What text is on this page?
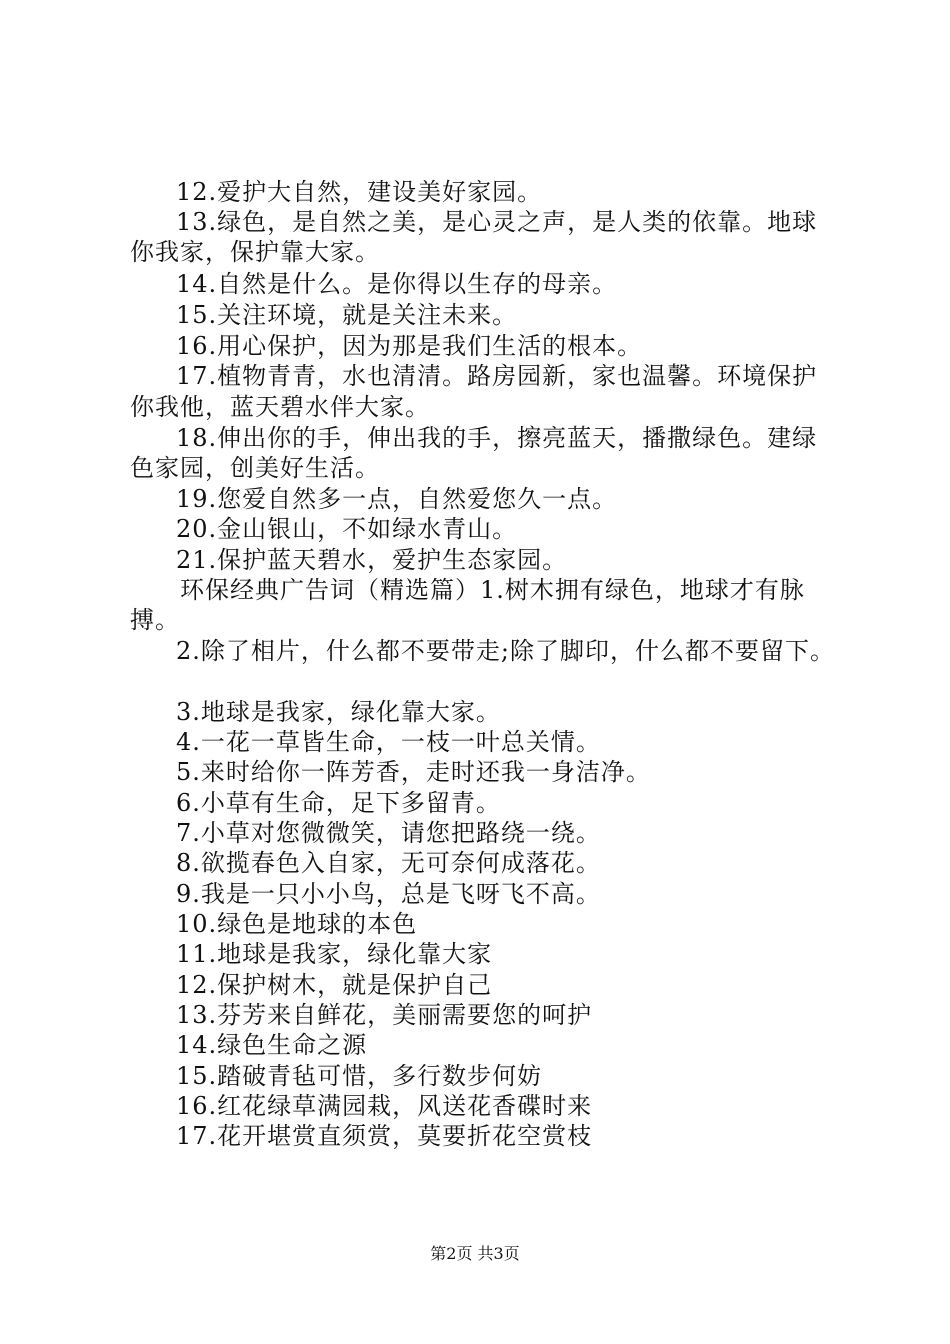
12.爱护大自然，建设美好家园。
13.绿色，是自然之美，是心灵之声，是人类的依靠。地球
你我家，保护靠大家。
14.自然是什么。是你得以生存的母亲。
15.关注环境，就是关注未来。
16.用心保护，因为那是我们生活的根本。
17.植物青青，水也清清。路房园新，家也温馨。环境保护
你我他，蓝天碧水伴大家。
18.伸出你的手，伸出我的手，擦亮蓝天，播撒绿色。建绿
色家园，创美好生活。
19.您爱自然多一点，自然爱您久一点。
20.金山银山，不如绿水青山。
21.保护蓝天碧水，爱护生态家园。
环保经典广告词（精选篇）1.树木拥有绿色，地球才有脉
搏。
2.除了相片，什么都不要带走;除了脚印，什么都不要留下。
3.地球是我家，绿化靠大家。
4.一花一草皆生命，一枝一叶总关情。
5.来时给你一阵芳香，走时还我一身洁净。
6.小草有生命，足下多留青。
7.小草对您微微笑，请您把路绕一绕。
8.欲揽春色入自家，无可奈何成落花。
9.我是一只小小鸟，总是飞呀飞不高。
10.绿色是地球的本色
11.地球是我家，绿化靠大家
12.保护树木，就是保护自己
13.芬芳来自鲜花，美丽需要您的呵护
14.绿色生命之源
15.踏破青毡可惜，多行数步何妨
16.红花绿草满园栽，风送花香碟时来
17.花开堪赏直须赏，莫要折花空赏枝
第2页 共3页
